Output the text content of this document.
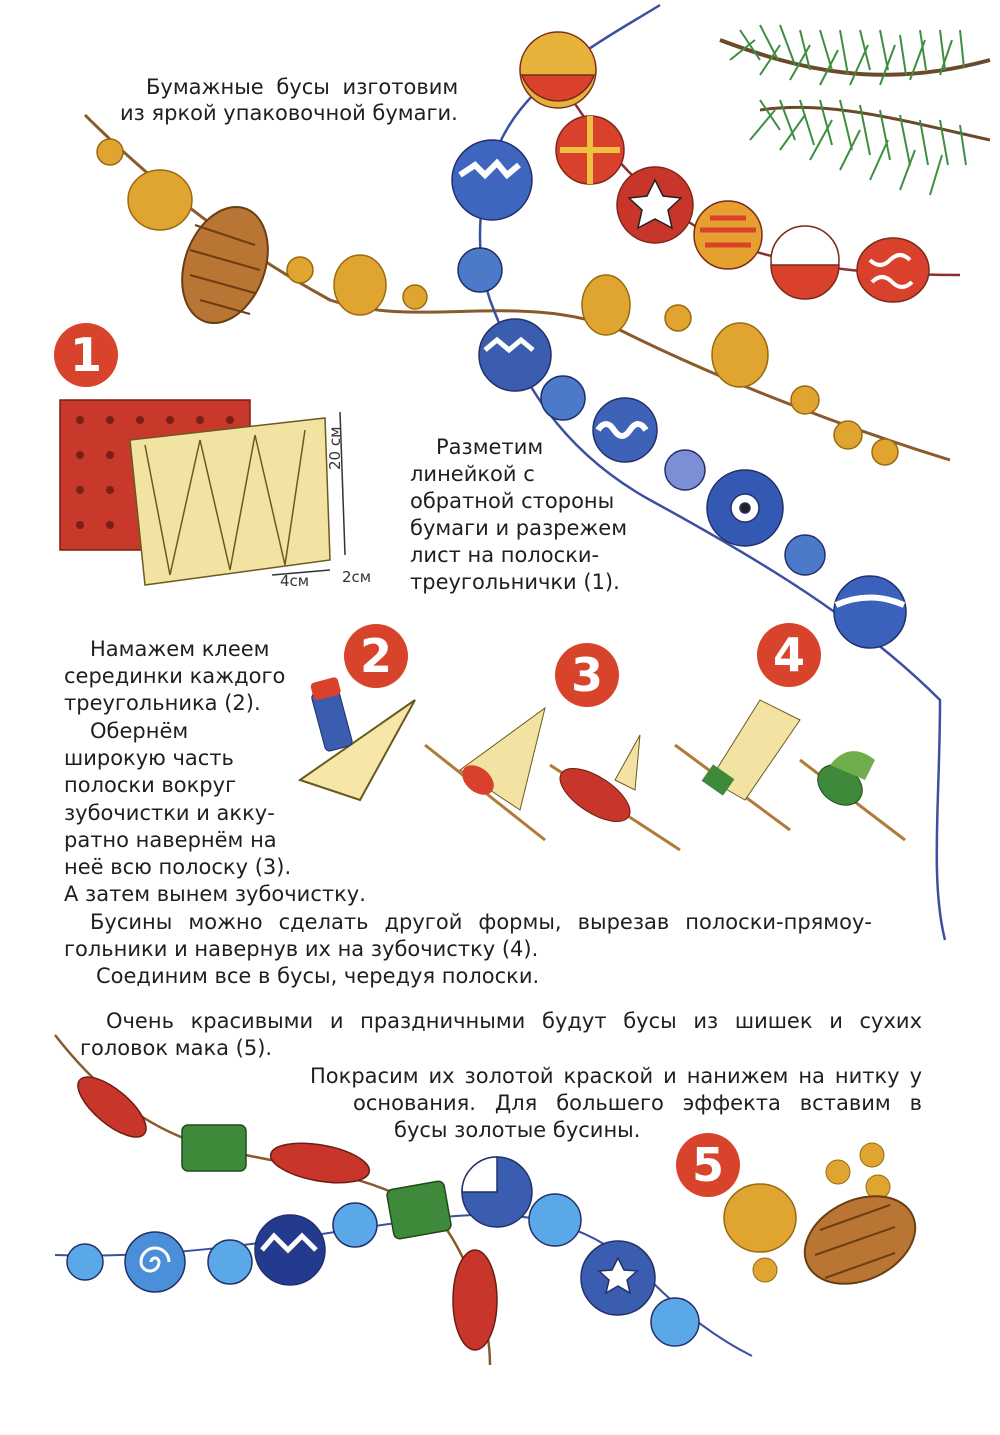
1
2	3	4
5
20 см
4см 2см
Бумажные бусы изготовим
из яркой упаковочной бумаги.
Разметим
линейкой с
обратной стороны
бумаги и разрежем
лист на полоски-
треугольнички (1).
Намажем клеем
серединки каждого
треугольника (2).
Обернём
широкую часть
полоски вокруг
зубочистки и акку-
ратно навернём на
неё всю полоску (3).
А затем вынем зубочистку.
Бусины можно сделать другой формы, вырезав полоски-прямоу-
гольники и навернув их на зубочистку (4).
Соединим все в бусы, чередуя полоски.
Очень красивыми и праздничными будут бусы из шишек и сухих
головок мака (5).
Покрасим их золотой краской и нанижем на нитку у
основания. Для большего эффекта вставим в
бусы золотые бусины.
